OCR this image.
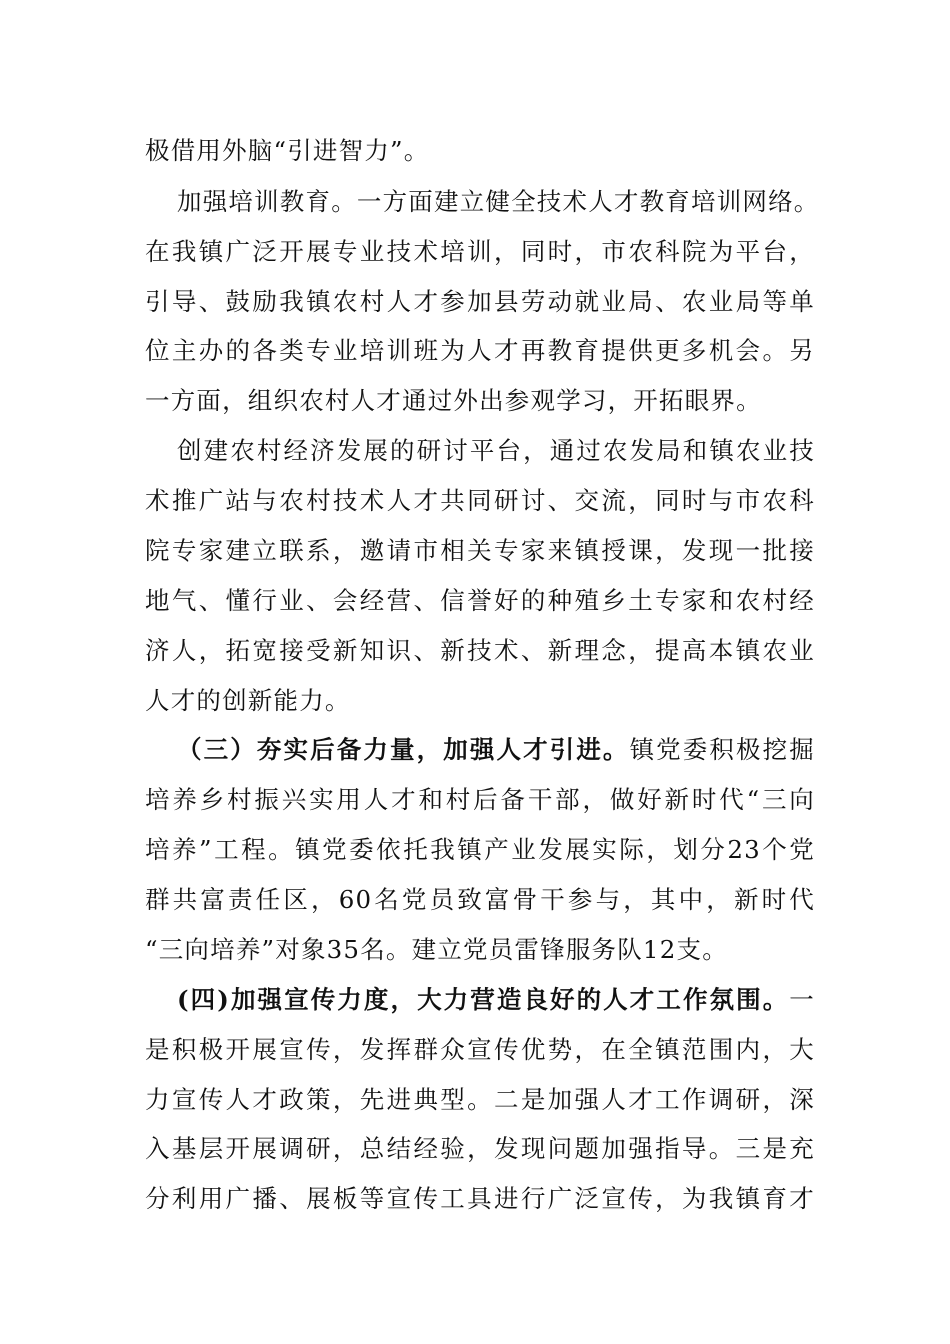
极借用外脑“引进智力”。
加强培训教育。一方面建立健全技术人才教育培训网络。
在我镇广泛开展专业技术培训，同时，市农科院为平台，
引导、鼓励我镇农村人才参加县劳动就业局、农业局等单
位主办的各类专业培训班为人才再教育提供更多机会。另
一方面，组织农村人才通过外出参观学习，开拓眼界。
创建农村经济发展的研讨平台，通过农发局和镇农业技
术推广站与农村技术人才共同研讨、交流，同时与市农科
院专家建立联系，邀请市相关专家来镇授课，发现一批接
地气、懂行业、会经营、信誉好的种殖乡土专家和农村经
济人，拓宽接受新知识、新技术、新理念，提高本镇农业
人才的创新能力。
（三）夯实后备力量，加强人才引进。镇党委积极挖掘
培养乡村振兴实用人才和村后备干部，做好新时代“三向
培养”工程。镇党委依托我镇产业发展实际，划分23个党
群共富责任区，60名党员致富骨干参与，其中，新时代
“三向培养”对象35名。建立党员雷锋服务队12支。
(四)加强宣传力度，大力营造良好的人才工作氛围。一
是积极开展宣传，发挥群众宣传优势，在全镇范围内，大
力宣传人才政策，先进典型。二是加强人才工作调研，深
入基层开展调研，总结经验，发现问题加强指导。三是充
分利用广播、展板等宣传工具进行广泛宣传，为我镇育才
